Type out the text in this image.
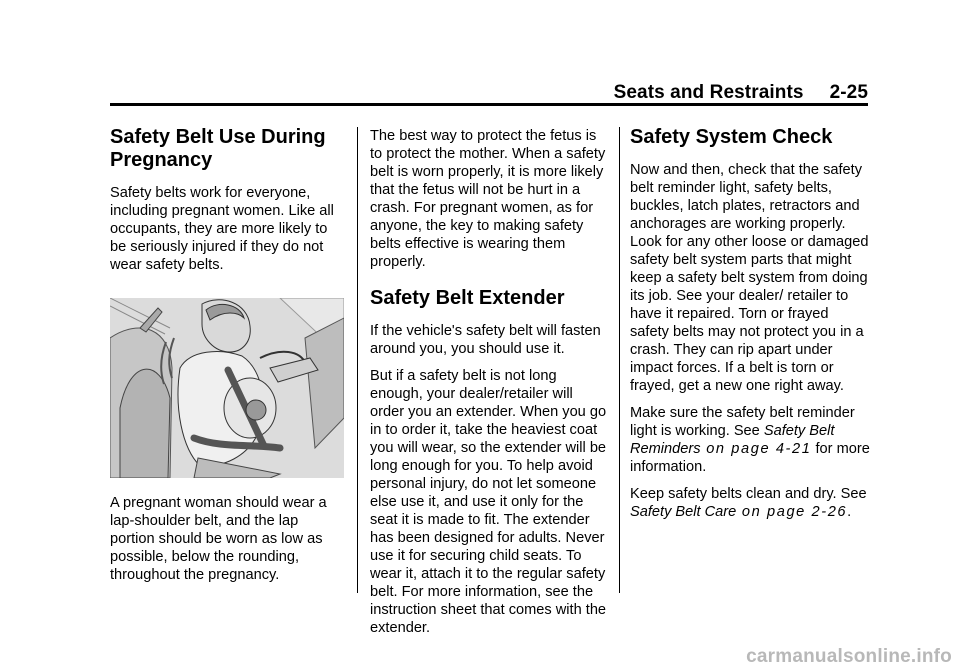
Seats and Restraints 2-25
Safety Belt Use During Pregnancy

Safety belts work for everyone, including pregnant women. Like all occupants, they are more likely to be seriously injured if they do not wear safety belts.

A pregnant woman should wear a lap-shoulder belt, and the lap portion should be worn as low as possible, below the rounding, throughout the pregnancy.

The best way to protect the fetus is to protect the mother. When a safety belt is worn properly, it is more likely that the fetus will not be hurt in a crash. For pregnant women, as for anyone, the key to making safety belts effective is wearing them properly.

Safety Belt Extender

If the vehicle's safety belt will fasten around you, you should use it.

But if a safety belt is not long enough, your dealer/retailer will order you an extender. When you go in to order it, take the heaviest coat you will wear, so the extender will be long enough for you. To help avoid personal injury, do not let someone else use it, and use it only for the seat it is made to fit. The extender has been designed for adults. Never use it for securing child seats. To wear it, attach it to the regular safety belt. For more information, see the instruction sheet that comes with the extender.

Safety System Check

Now and then, check that the safety belt reminder light, safety belts, buckles, latch plates, retractors and anchorages are working properly. Look for any other loose or damaged safety belt system parts that might keep a safety belt system from doing its job. See your dealer/ retailer to have it repaired. Torn or frayed safety belts may not protect you in a crash. They can rip apart under impact forces. If a belt is torn or frayed, get a new one right away.

Make sure the safety belt reminder light is working. See Safety Belt Reminders on page 4-21 for more information.

Keep safety belts clean and dry. See Safety Belt Care on page 2-26.

carmanualsonline.info
